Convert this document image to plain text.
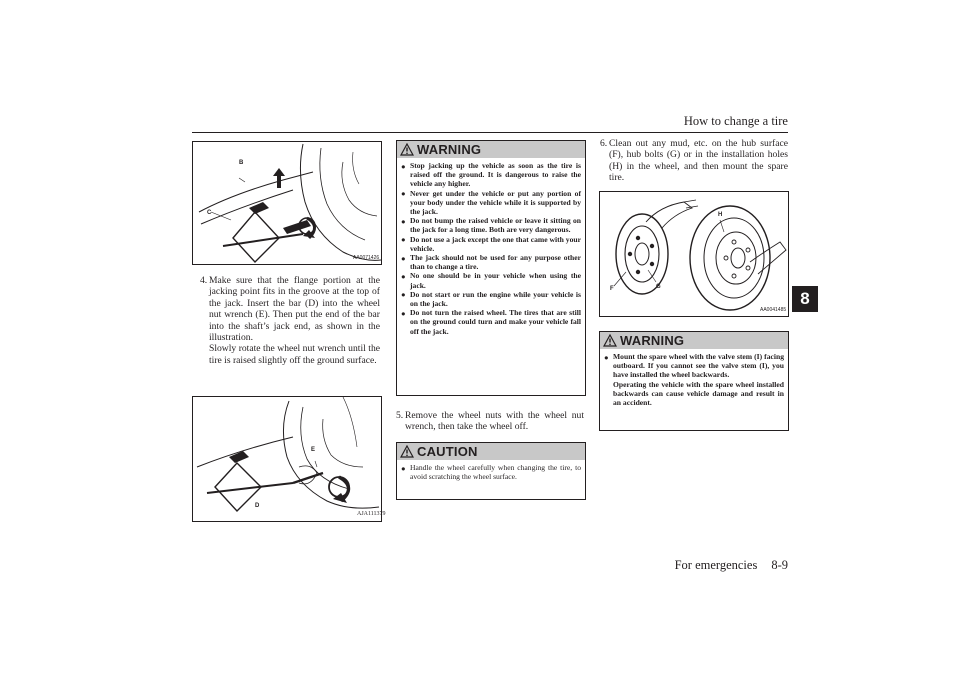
How to change a tire
8
B
C
AA0071426
4. Make sure that the flange portion at the jacking point fits in the groove at the top of the jack. Insert the bar (D) into the wheel nut wrench (E). Then put the end of the bar into the shaft’s jack end, as shown in the illustration.
Slowly rotate the wheel nut wrench until the tire is raised slightly off the ground surface.
E
D
AJA111379
WARNING
● Stop jacking up the vehicle as soon as the tire is raised off the ground. It is dangerous to raise the vehicle any higher.
● Never get under the vehicle or put any portion of your body under the vehicle while it is supported by the jack.
● Do not bump the raised vehicle or leave it sitting on the jack for a long time. Both are very dangerous.
● Do not use a jack except the one that came with your vehicle.
● The jack should not be used for any purpose other than to change a tire.
● No one should be in your vehicle when using the jack.
● Do not start or run the engine while your vehicle is on the jack.
● Do not turn the raised wheel. The tires that are still on the ground could turn and make your vehicle fall off the jack.
5. Remove the wheel nuts with the wheel nut wrench, then take the wheel off.
CAUTION
● Handle the wheel carefully when changing the tire, to avoid scratching the wheel surface.
6. Clean out any mud, etc. on the hub surface (F), hub bolts (G) or in the installation holes (H) in the wheel, and then mount the spare tire.
H
F	G
AA0041485
WARNING
● Mount the spare wheel with the valve stem (I) facing outboard. If you cannot see the valve stem (I), you have installed the wheel backwards.
Operating the vehicle with the spare wheel installed backwards can cause vehicle damage and result in an accident.
For emergencies 8-9
